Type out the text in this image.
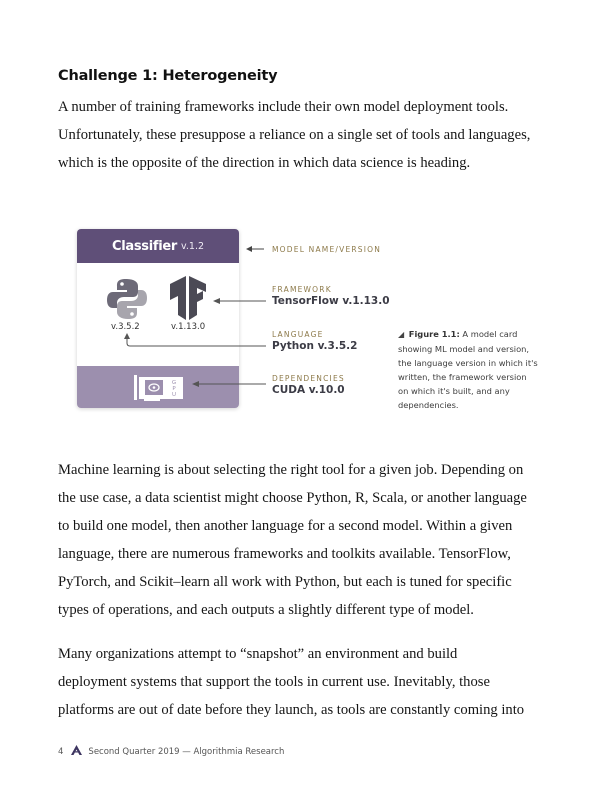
Challenge 1: Heterogeneity
A number of training frameworks include their own model deployment tools.
Unfortunately, these presuppose a reliance on a single set of tools and languages,
which is the opposite of the direction in which data science is heading.
Classifier v.1.2
v.3.5.2	v.1.13.0
G
P
U
MODEL NAME/VERSION
FRAMEWORK
TensorFlow v.1.13.0
LANGUAGE
Python v.3.5.2
DEPENDENCIES
CUDA v.10.0
◢ Figure 1.1: A model card
showing ML model and version,
the language version in which it's
written, the framework version
on which it's built, and any
dependencies.
Machine learning is about selecting the right tool for a given job. Depending on
the use case, a data scientist might choose Python, R, Scala, or another language
to build one model, then another language for a second model. Within a given
language, there are numerous frameworks and toolkits available. TensorFlow,
PyTorch, and Scikit–learn all work with Python, but each is tuned for specific
types of operations, and each outputs a slightly different type of model.
Many organizations attempt to “snapshot” an environment and build
deployment systems that support the tools in current use. Inevitably, those
platforms are out of date before they launch, as tools are constantly coming into
4	Second Quarter 2019 — Algorithmia Research
